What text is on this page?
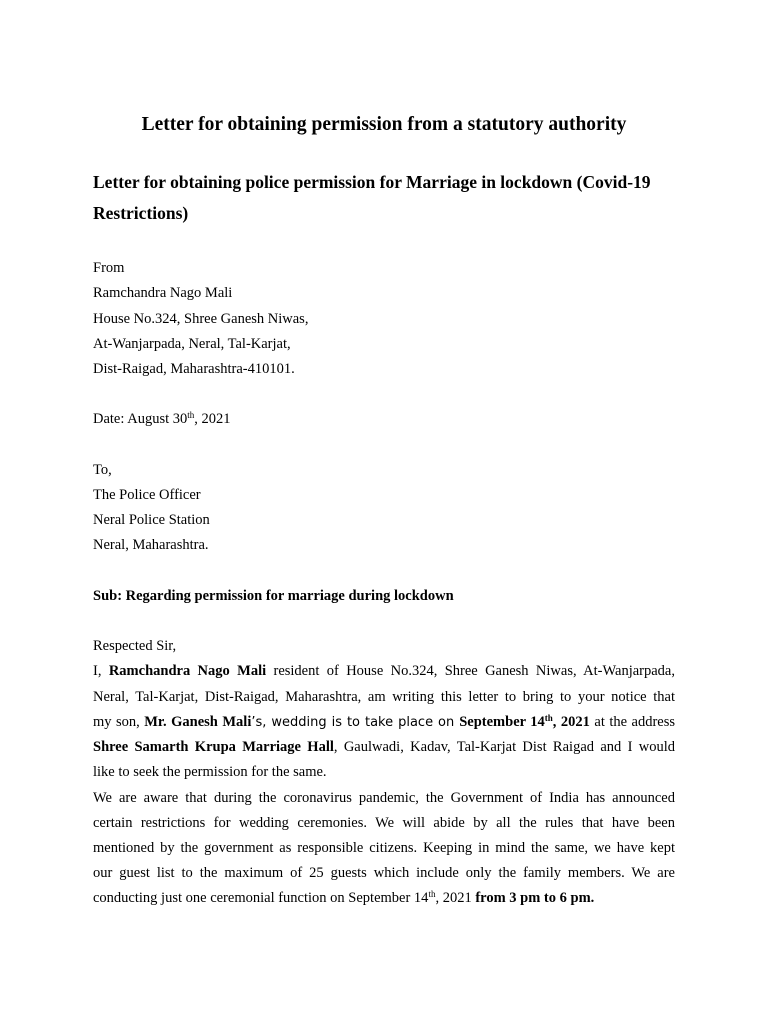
Letter for obtaining permission from a statutory authority
Letter for obtaining police permission for Marriage in lockdown (Covid-19 Restrictions)
From
Ramchandra Nago Mali
House No.324, Shree Ganesh Niwas,
At-Wanjarpada, Neral, Tal-Karjat,
Dist-Raigad, Maharashtra-410101.
Date: August 30th, 2021
To,
The Police Officer
Neral Police Station
Neral, Maharashtra.
Sub: Regarding permission for marriage during lockdown
Respected Sir,
I, Ramchandra Nago Mali resident of House No.324, Shree Ganesh Niwas, At-Wanjarpada,
Neral, Tal-Karjat, Dist-Raigad, Maharashtra, am writing this letter to bring to your notice that
my son, Mr. Ganesh Mali’s, wedding is to take place on September 14th, 2021 at the address
Shree Samarth Krupa Marriage Hall, Gaulwadi, Kadav, Tal-Karjat Dist Raigad and I would
like to seek the permission for the same.
We are aware that during the coronavirus pandemic, the Government of India has announced
certain restrictions for wedding ceremonies. We will abide by all the rules that have been
mentioned by the government as responsible citizens. Keeping in mind the same, we have kept
our guest list to the maximum of 25 guests which include only the family members. We are
conducting just one ceremonial function on September 14th, 2021 from 3 pm to 6 pm.
